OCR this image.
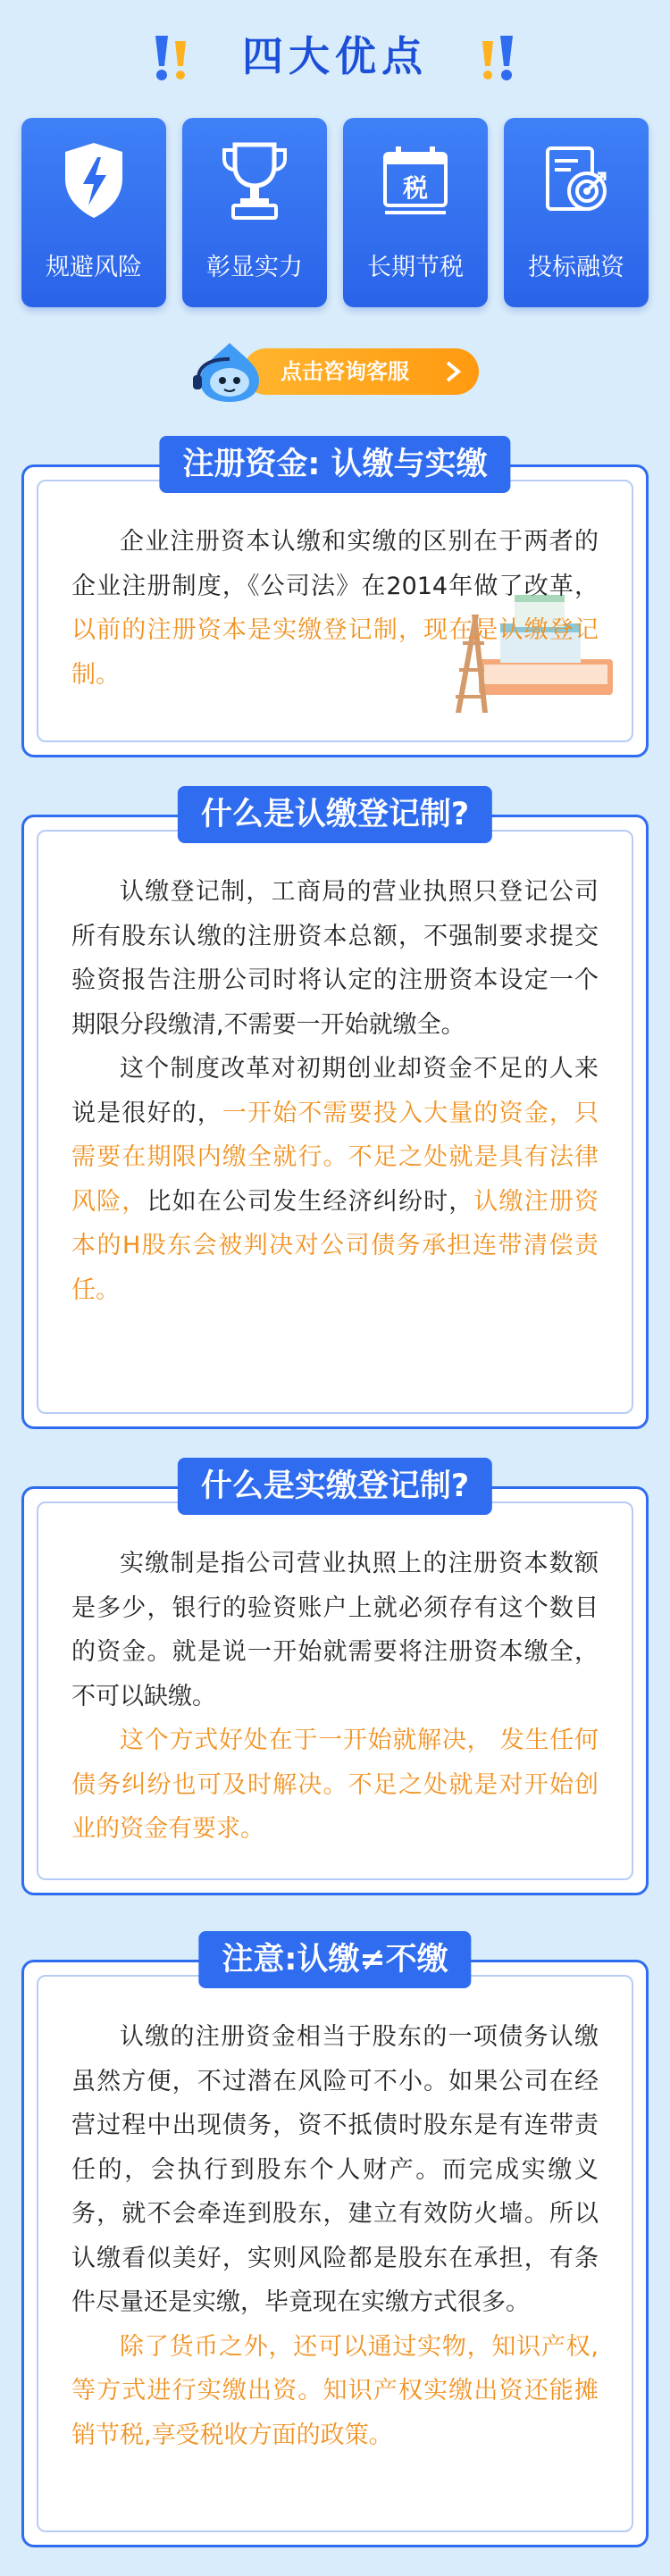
四大优点
规避风险	彰显实力
税
长期节税	投标融资
点击咨询客服
注册资金: 认缴与实缴

企业注册资本认缴和实缴的区别在于两者的企业注册制度，《公司法》在2014年做了改革，以前的注册资本是实缴登记制，现在是认缴登记制。

什么是认缴登记制?

认缴登记制，工商局的营业执照只登记公司所有股东认缴的注册资本总额，不强制要求提交验资报告注册公司时将认定的注册资本设定一个期限分段缴清,不需要一开始就缴全。

这个制度改革对初期创业却资金不足的人来说是很好的，一开始不需要投入大量的资金，只需要在期限内缴全就行。不足之处就是具有法律风险，比如在公司发生经济纠纷时，认缴注册资本的H股东会被判决对公司债务承担连带清偿责任。

什么是实缴登记制?

实缴制是指公司营业执照上的注册资本数额是多少，银行的验资账户上就必须存有这个数目的资金。就是说一开始就需要将注册资本缴全，不可以缺缴。

这个方式好处在于一开始就解决， 发生任何债务纠纷也可及时解决。不足之处就是对开始创业的资金有要求。

注意:认缴≠不缴

认缴的注册资金相当于股东的一项债务认缴虽然方便，不过潜在风险可不小。如果公司在经营过程中出现债务，资不抵债时股东是有连带责任的，会执行到股东个人财产。而完成实缴义务，就不会牵连到股东，建立有效防火墙。所以认缴看似美好，实则风险都是股东在承担，有条件尽量还是实缴，毕竟现在实缴方式很多。

除了货币之外，还可以通过实物，知识产权,等方式进行实缴出资。知识产权实缴出资还能摊销节税,享受税收方面的政策。
